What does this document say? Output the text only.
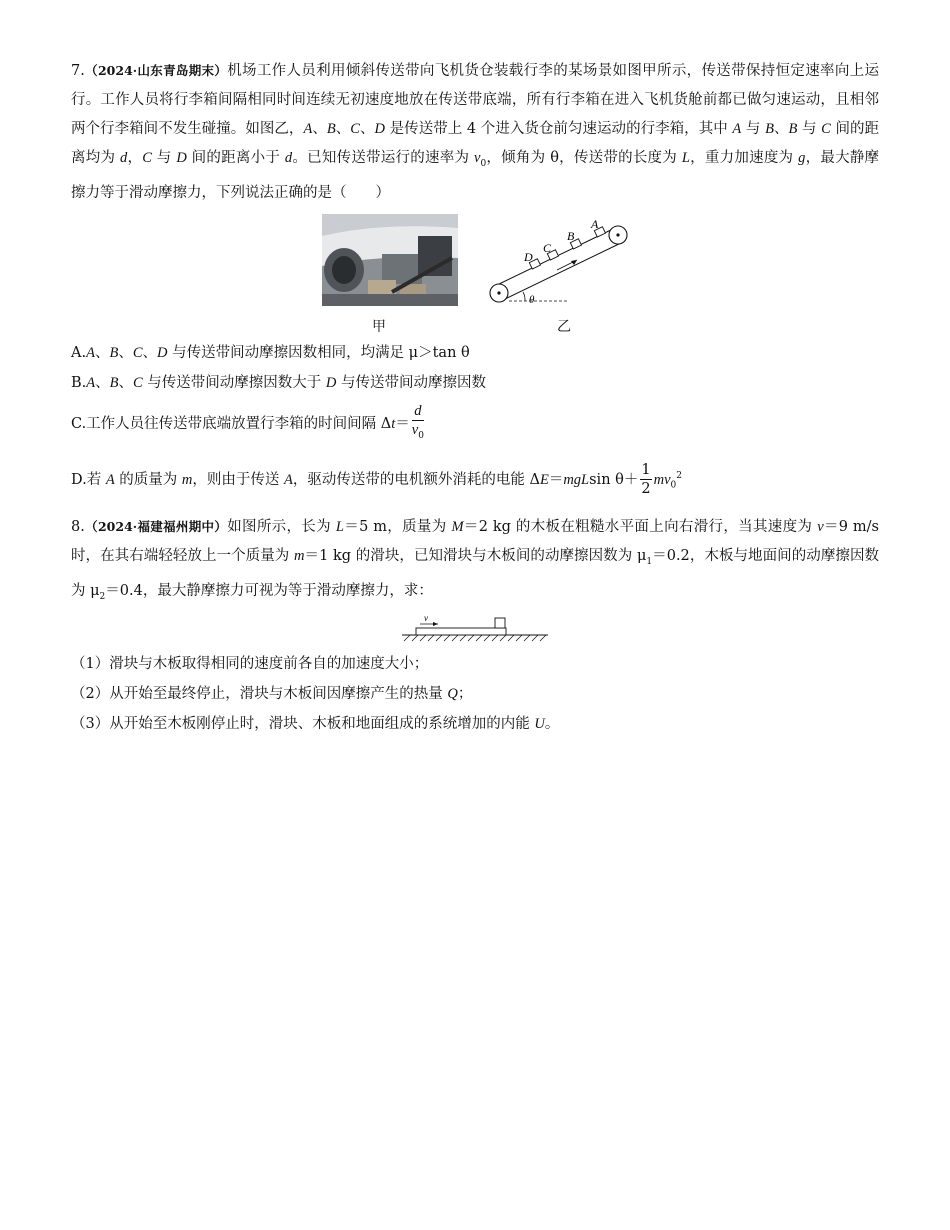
7.（2024·山东青岛期末）机场工作人员利用倾斜传送带向飞机货仓装载行李的某场景如图甲所示，传送带保持恒定速率向上运行。工作人员将行李箱间隔相同时间连续无初速度地放在传送带底端，所有行李箱在进入飞机货舱前都已做匀速运动，且相邻两个行李箱间不发生碰撞。如图乙，A、B、C、D 是传送带上 4 个进入货仓前匀速运动的行李箱，其中 A 与 B、B 与 C 间的距离均为 d，C 与 D 间的距离小于 d。已知传送带运行的速率为 $v_0$，倾角为 θ，传送带的长度为 L，重力加速度为 g，最大静摩擦力等于滑动摩擦力，下列说法正确的是（　　）

D
C
B
A
θ
甲	乙

A.A、B、C、D 与传送带间动摩擦因数相同，均满足 μ＞tan θ

B.A、B、C 与传送带间动摩擦因数大于 D 与传送带间动摩擦因数

C.工作人员往传送带底端放置行李箱的时间间隔 $\Delta t= \frac{d}{v_0}$

D.若 A 的质量为 m，则由于传送 A，驱动传送带的电机额外消耗的电能 ΔE＝mgLsin $\theta+ \frac{1}{2} mv_0^2$

8.（2024·福建福州期中）如图所示，长为 L＝5 m，质量为 M＝2 kg 的木板在粗糙水平面上向右滑行，当其速度为 v＝9 m/s 时，在其右端轻轻放上一个质量为 m＝1 kg 的滑块，已知滑块与木板间的动摩擦因数为 $\mu_1=0.2$，木板与地面间的动摩擦因数为 $\mu_2=0.4$，最大静摩擦力可视为等于滑动摩擦力，求：

v

（1）滑块与木板取得相同的速度前各自的加速度大小；

（2）从开始至最终停止，滑块与木板间因摩擦产生的热量 Q；

（3）从开始至木板刚停止时，滑块、木板和地面组成的系统增加的内能 U。
